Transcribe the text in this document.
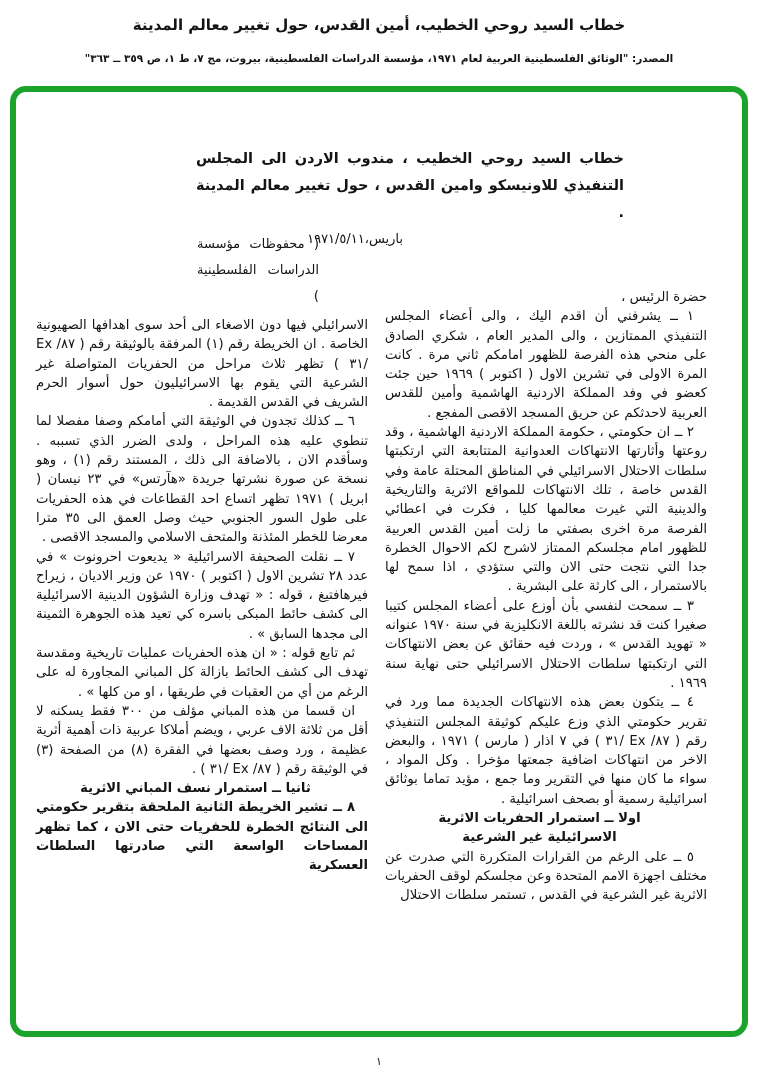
خطاب السيد روحي الخطيب، أمين القدس، حول تغيير معالم المدينة
المصدر: "الوثائق الفلسطينية العربية لعام ١٩٧١، مؤسسة الدراسات الفلسطينية، بيروت، مج ٧، ط ١، ص ٣٥٩ ــ ٣٦٣"
خطاب السيد روحي الخطيب ، مندوب الاردن الى المجلس التنفيذي للاونيسكو وامين القدس ، حول تغيير معالم المدينة .
باريس،١٩٧١/٥/١١
( محفوظات مؤسسة الدراسات الفلسطينية )	حضرة الرئيس ،

١ ــ يشرفني أن اقدم اليك ، والى أعضاء المجلس التنفيذي الممتازين ، والى المدير العام ، شكري الصادق على منحي هذه الفرصة للظهور امامكم ثاني مرة . كانت المرة الاولى في تشرين الاول ( اكتوبر ) ١٩٦٩ حين جئت كعضو في وفد المملكة الاردنية الهاشمية وأمين للقدس العربية لاحدثكم عن حريق المسجد الاقصى المفجع .

٢ ــ ان حكومتي ، حكومة المملكة الاردنية الهاشمية ، وقد روعتها وأثارتها الانتهاكات العدوانية المتتابعة التي ارتكبتها سلطات الاحتلال الاسرائيلي في المناطق المحتلة عامة وفي القدس خاصة ، تلك الانتهاكات للمواقع الاثرية والتاريخية والدينية التي غيرت معالمها كليا ، فكرت في اعطائي الفرصة مرة اخرى بصفتي ما زلت أمين القدس العربية للظهور امام مجلسكم الممتاز لاشرح لكم الاحوال الخطرة جدا التي نتجت حتى الان والتي ستؤدي ، اذا سمح لها بالاستمرار ، الى كارثة على البشرية .

٣ ــ سمحت لنفسي بأن أوزع على أعضاء المجلس كتيبا صغيرا كنت قد نشرته باللغة الانكليزية في سنة ١٩٧٠ عنوانه « تهويد القدس » ، وردت فيه حقائق عن بعض الانتهاكات التي ارتكبتها سلطات الاحتلال الاسرائيلي حتى نهاية سنة ١٩٦٩ .

٤ ــ يتكون بعض هذه الانتهاكات الجديدة مما ورد في تقرير حكومتي الذي وزع عليكم كوثيقة المجلس التنفيذي رقم ( ٨٧/ Ex /٣١ ) في ٧ اذار ( مارس ) ١٩٧١ ، والبعض الاخر من انتهاكات اضافية جمعتها مؤخرا . وكل المواد ، سواء ما كان منها في التقرير وما جمع ، مؤيد تماما بوثائق اسرائيلية رسمية أو بصحف اسرائيلية .

اولا ــ استمرار الحفريات الاثرية

الاسرائيلية غير الشرعية

٥ ــ على الرغم من القرارات المتكررة التي صدرت عن مختلف اجهزة الامم المتحدة وعن مجلسكم لوقف الحفريات الاثرية غير الشرعية في القدس ، تستمر سلطات الاحتلال

الاسرائيلي فيها دون الاصغاء الى أحد سوى اهدافها الصهيونية الخاصة . ان الخريطة رقم (١) المرفقة بالوثيقة رقم ( ٨٧/ Ex /٣١ ) تظهر ثلاث مراحل من الحفريات المتواصلة غير الشرعية التي يقوم بها الاسرائيليون حول أسوار الحرم الشريف في القدس القديمة .

٦ ــ كذلك تجدون في الوثيقة التي أمامكم وصفا مفصلا لما تنطوي عليه هذه المراحل ، ولدى الضرر الذي تسببه . وسأقدم الان ، بالاضافة الى ذلك ، المستند رقم (١) ، وهو نسخة عن صورة نشرتها جريدة «هآرتس» في ٢٣ نيسان ( ابريل ) ١٩٧١ تظهر اتساع احد القطاعات في هذه الحفريات على طول السور الجنوبي حيث وصل العمق الى ٣٥ مترا معرضا للخطر المئذنة والمتحف الاسلامي والمسجد الاقصى .

٧ ــ نقلت الصحيفة الاسرائيلية « يديعوت احرونوت » في عدد ٢٨ تشرين الاول ( اكتوبر ) ١٩٧٠ عن وزير الاديان ، زيراح فيرهافتيغ ، قوله : « تهدف وزارة الشؤون الدينية الاسرائيلية الى كشف حائط المبكى باسره كي تعيد هذه الجوهرة الثمينة الى مجدها السابق » .

ثم تابع قوله : « ان هذه الحفريات عمليات تاريخية ومقدسة تهدف الى كشف الحائط بازالة كل المباني المجاورة له على الرغم من أي من العقبات في طريقها ، او من كلها » .

ان قسما من هذه المباني مؤلف من ٣٠٠ فقط يسكنه لا أقل من ثلاثة الاف عربي ، ويضم أملاكا عربية ذات أهمية أثرية عظيمة ، ورد وصف بعضها في الفقرة (٨) من الصفحة (٣) في الوثيقة رقم ( ٨٧/ Ex /٣١ ) .

ثانيا ــ استمرار نسف المباني الاثرية

٨ ــ تشير الخريطة الثانية الملحقة بتقرير حكومتي الى النتائج الخطرة للحفريات حتى الان ، كما تظهر المساحات الواسعة التي صادرتها السلطات العسكرية

١
